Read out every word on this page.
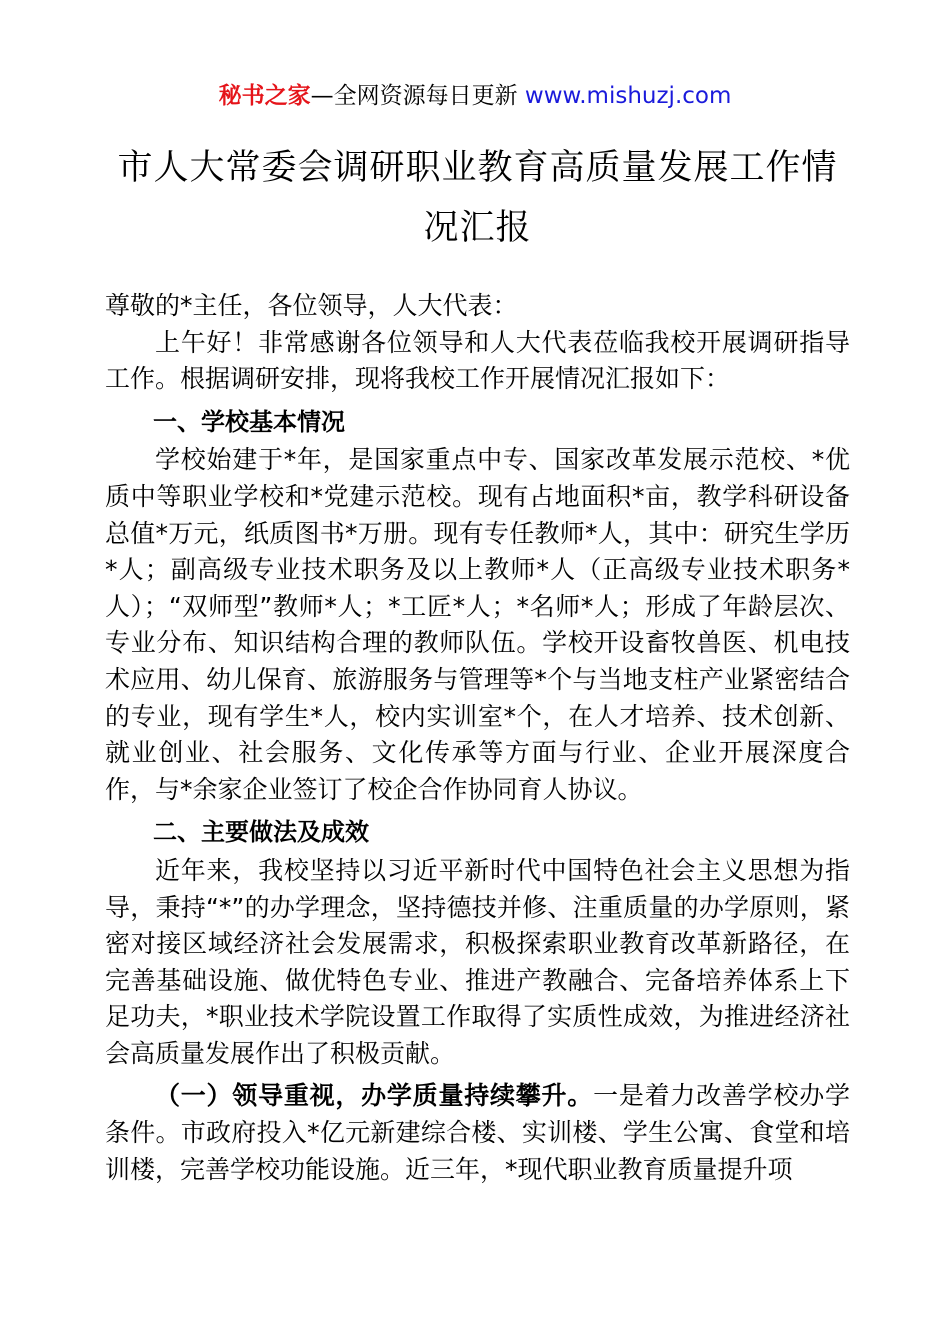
秘书之家—全网资源每日更新 www.mishuzj.com
市人大常委会调研职业教育高质量发展工作情况汇报

尊敬的*主任，各位领导，人大代表：

上午好！非常感谢各位领导和人大代表莅临我校开展调研指导工作。根据调研安排，现将我校工作开展情况汇报如下：

一、学校基本情况

学校始建于*年，是国家重点中专、国家改革发展示范校、*优质中等职业学校和*党建示范校。现有占地面积*亩，教学科研设备总值*万元，纸质图书*万册。现有专任教师*人，其中：研究生学历*人；副高级专业技术职务及以上教师*人（正高级专业技术职务*人）；“双师型”教师*人；*工匠*人；*名师*人；形成了年龄层次、专业分布、知识结构合理的教师队伍。学校开设畜牧兽医、机电技术应用、幼儿保育、旅游服务与管理等*个与当地支柱产业紧密结合的专业，现有学生*人，校内实训室*个，在人才培养、技术创新、就业创业、社会服务、文化传承等方面与行业、企业开展深度合作，与*余家企业签订了校企合作协同育人协议。

二、主要做法及成效

近年来，我校坚持以习近平新时代中国特色社会主义思想为指导，秉持“*”的办学理念，坚持德技并修、注重质量的办学原则，紧密对接区域经济社会发展需求，积极探索职业教育改革新路径，在完善基础设施、做优特色专业、推进产教融合、完备培养体系上下足功夫，*职业技术学院设置工作取得了实质性成效，为推进经济社会高质量发展作出了积极贡献。

（一）领导重视，办学质量持续攀升。一是着力改善学校办学条件。市政府投入*亿元新建综合楼、实训楼、学生公寓、食堂和培训楼，完善学校功能设施。近三年，*现代职业教育质量提升项
